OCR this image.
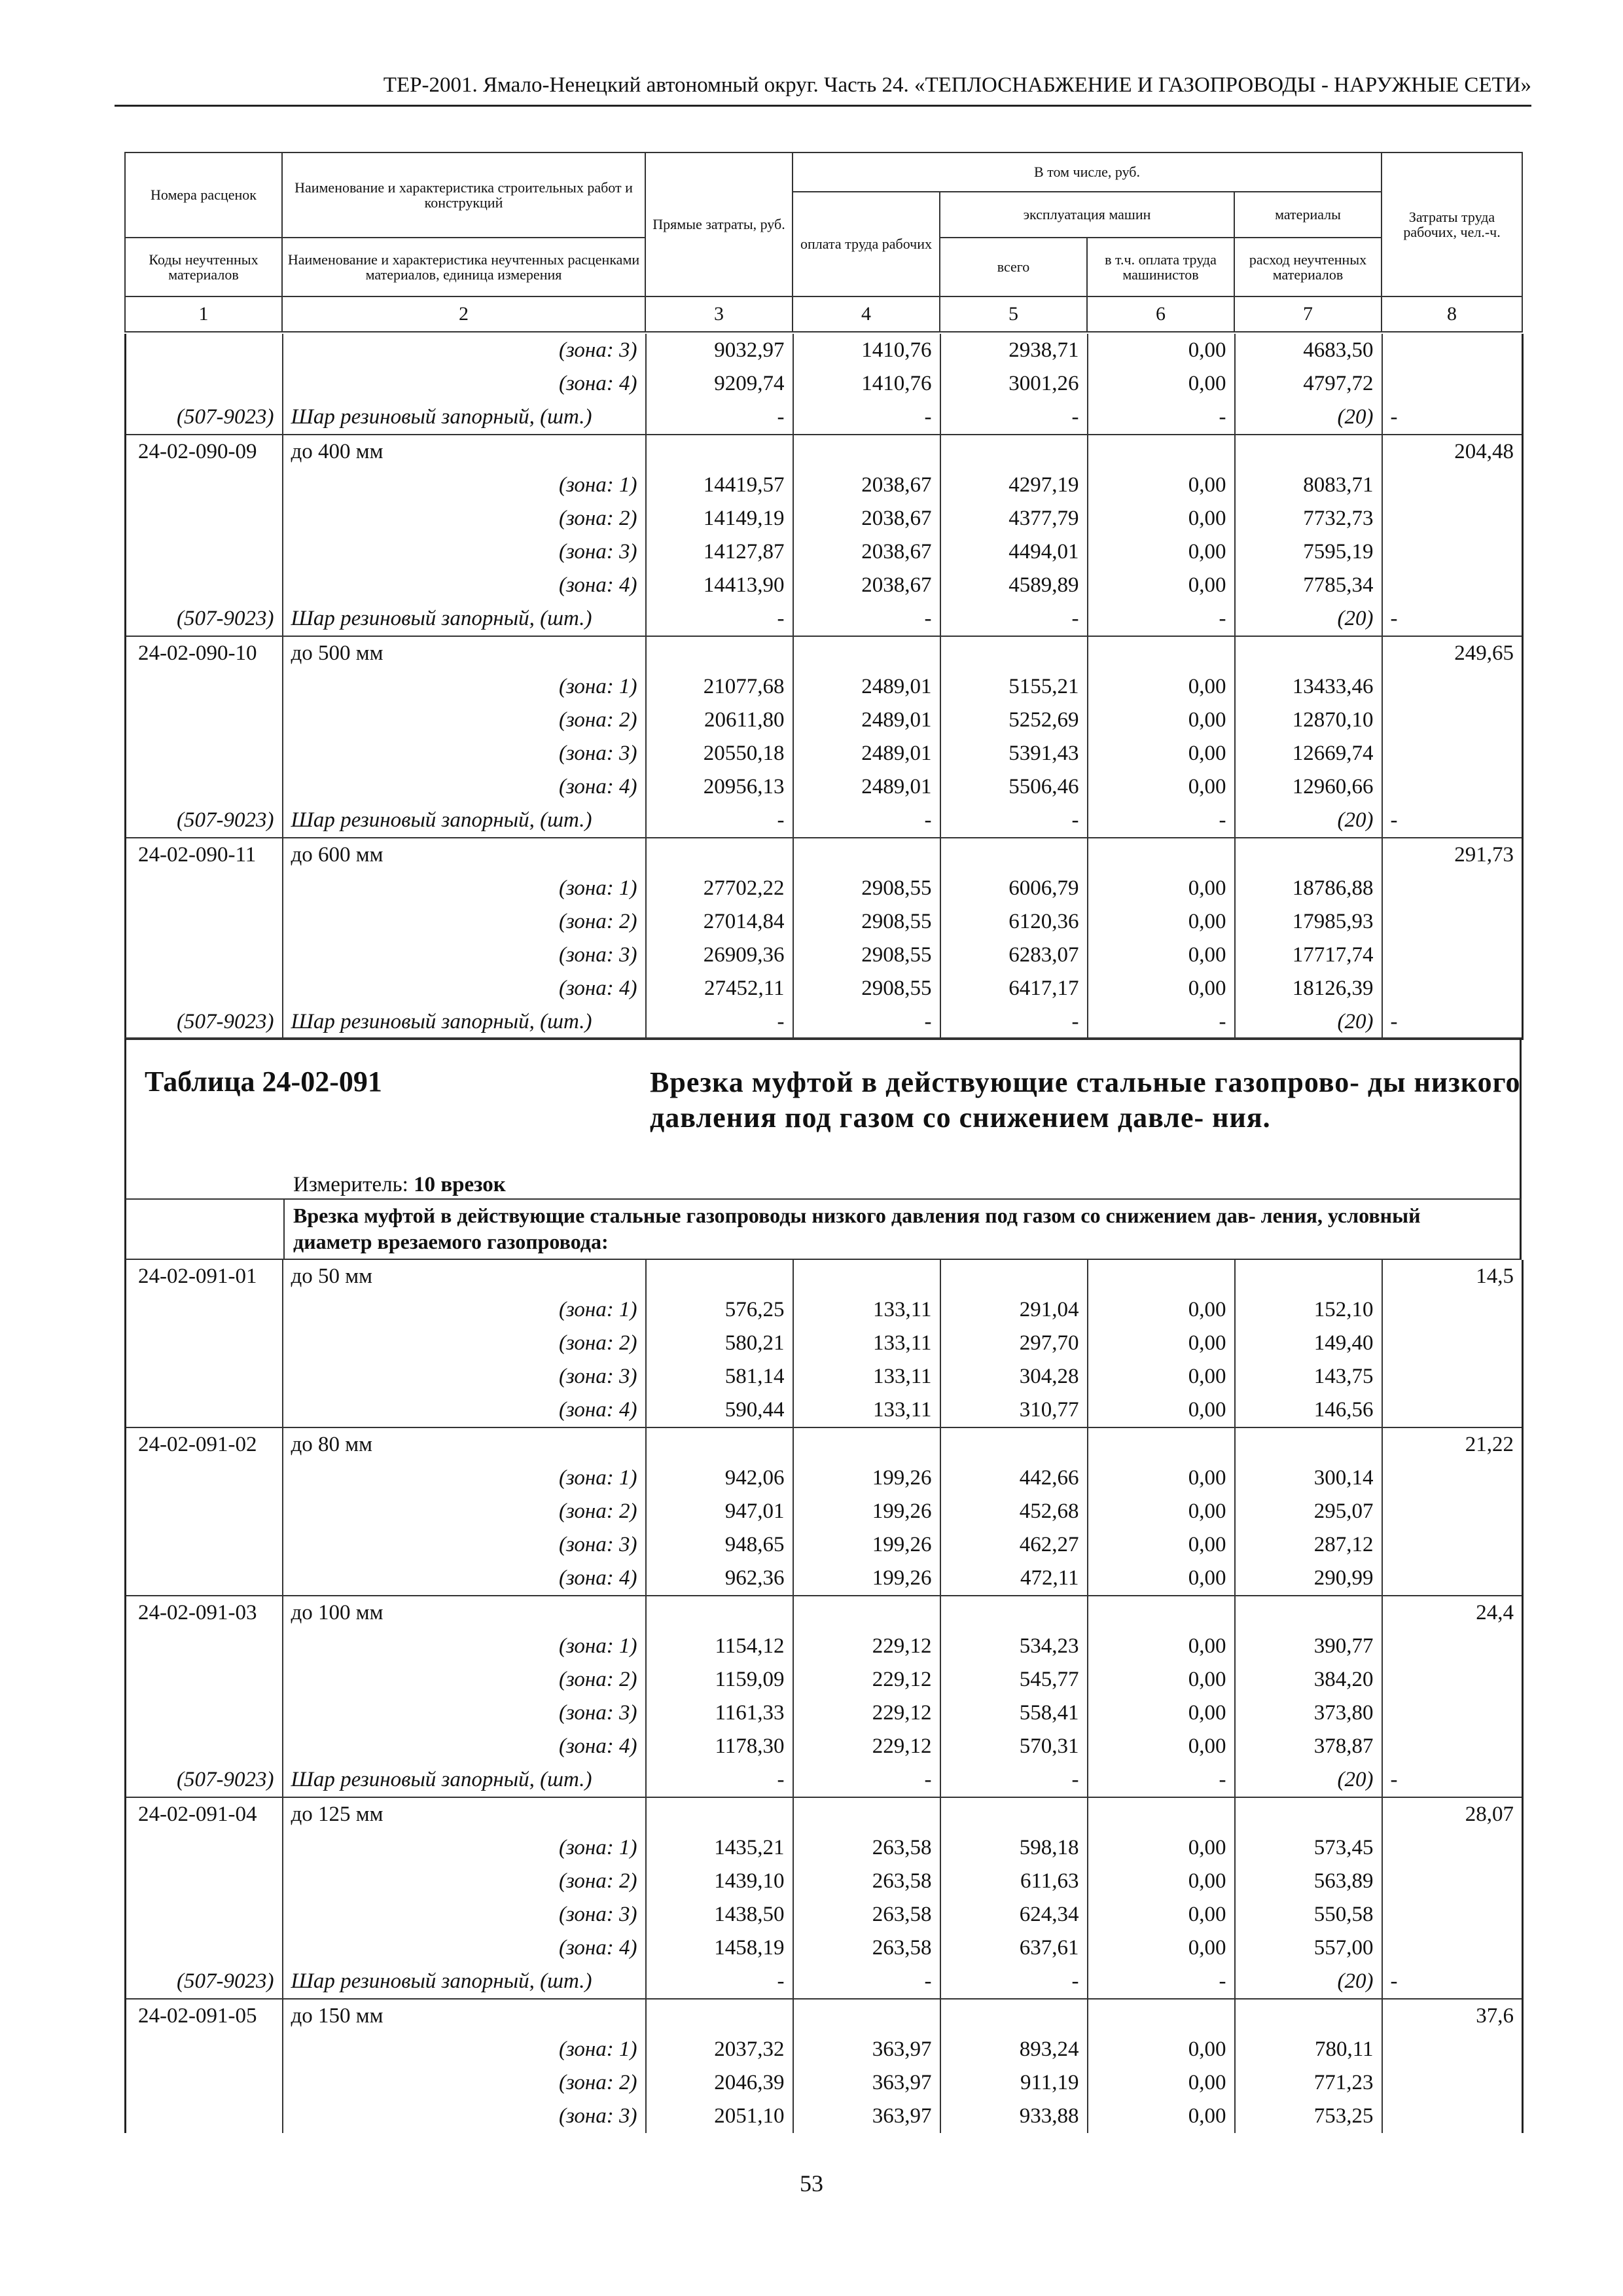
ТЕР-2001. Ямало-Ненецкий автономный округ. Часть 24. «ТЕПЛОСНАБЖЕНИЕ И ГАЗОПРОВОДЫ - НАРУЖНЫЕ СЕТИ»
Номера расценок	Наименование и характеристика строительных работ и конструкций	Прямые затраты, руб.	В том числе, руб.				Затраты труда рабочих, чел.-ч.
			оплата труда рабочих	эксплуатация машин		материалы	
Коды неучтенных материалов	Наименование и характеристика неучтенных расценками материалов, единица измерения			всего	в т.ч. оплата труда машинистов	расход неучтенных материалов	
1	2	3	4	5	6	7	8
	(зона: 3)	9032,97	1410,76	2938,71	0,00	4683,50	
	(зона: 4)	9209,74	1410,76	3001,26	0,00	4797,72	
(507-9023)	Шар резиновый запорный, (шт.)	-	-	-	-	(20)	-
24-02-090-09	до 400 мм						204,48
	(зона: 1)	14419,57	2038,67	4297,19	0,00	8083,71	
	(зона: 2)	14149,19	2038,67	4377,79	0,00	7732,73	
	(зона: 3)	14127,87	2038,67	4494,01	0,00	7595,19	
	(зона: 4)	14413,90	2038,67	4589,89	0,00	7785,34	
(507-9023)	Шар резиновый запорный, (шт.)	-	-	-	-	(20)	-
24-02-090-10	до 500 мм						249,65
	(зона: 1)	21077,68	2489,01	5155,21	0,00	13433,46	
	(зона: 2)	20611,80	2489,01	5252,69	0,00	12870,10	
	(зона: 3)	20550,18	2489,01	5391,43	0,00	12669,74	
	(зона: 4)	20956,13	2489,01	5506,46	0,00	12960,66	
(507-9023)	Шар резиновый запорный, (шт.)	-	-	-	-	(20)	-
24-02-090-11	до 600 мм						291,73
	(зона: 1)	27702,22	2908,55	6006,79	0,00	18786,88	
	(зона: 2)	27014,84	2908,55	6120,36	0,00	17985,93	
	(зона: 3)	26909,36	2908,55	6283,07	0,00	17717,74	
	(зона: 4)	27452,11	2908,55	6417,17	0,00	18126,39	
(507-9023)	Шар резиновый запорный, (шт.)	-	-	-	-	(20)	-
Таблица 24-02-091	Врезка муфтой в действующие стальные газопрово- ды низкого давления под газом со снижением давле- ния.
Измеритель: 10 врезок
Врезка муфтой в действующие стальные газопроводы низкого давления под газом со снижением дав- ления, условный диаметр врезаемого газопровода:
24-02-091-01	до 50 мм						14,5
	(зона: 1)	576,25	133,11	291,04	0,00	152,10	
	(зона: 2)	580,21	133,11	297,70	0,00	149,40	
	(зона: 3)	581,14	133,11	304,28	0,00	143,75	
	(зона: 4)	590,44	133,11	310,77	0,00	146,56	
24-02-091-02	до 80 мм						21,22
	(зона: 1)	942,06	199,26	442,66	0,00	300,14	
	(зона: 2)	947,01	199,26	452,68	0,00	295,07	
	(зона: 3)	948,65	199,26	462,27	0,00	287,12	
	(зона: 4)	962,36	199,26	472,11	0,00	290,99	
24-02-091-03	до 100 мм						24,4
	(зона: 1)	1154,12	229,12	534,23	0,00	390,77	
	(зона: 2)	1159,09	229,12	545,77	0,00	384,20	
	(зона: 3)	1161,33	229,12	558,41	0,00	373,80	
	(зона: 4)	1178,30	229,12	570,31	0,00	378,87	
(507-9023)	Шар резиновый запорный, (шт.)	-	-	-	-	(20)	-
24-02-091-04	до 125 мм						28,07
	(зона: 1)	1435,21	263,58	598,18	0,00	573,45	
	(зона: 2)	1439,10	263,58	611,63	0,00	563,89	
	(зона: 3)	1438,50	263,58	624,34	0,00	550,58	
	(зона: 4)	1458,19	263,58	637,61	0,00	557,00	
(507-9023)	Шар резиновый запорный, (шт.)	-	-	-	-	(20)	-
24-02-091-05	до 150 мм						37,6
	(зона: 1)	2037,32	363,97	893,24	0,00	780,11	
	(зона: 2)	2046,39	363,97	911,19	0,00	771,23	
	(зона: 3)	2051,10	363,97	933,88	0,00	753,25	
53
